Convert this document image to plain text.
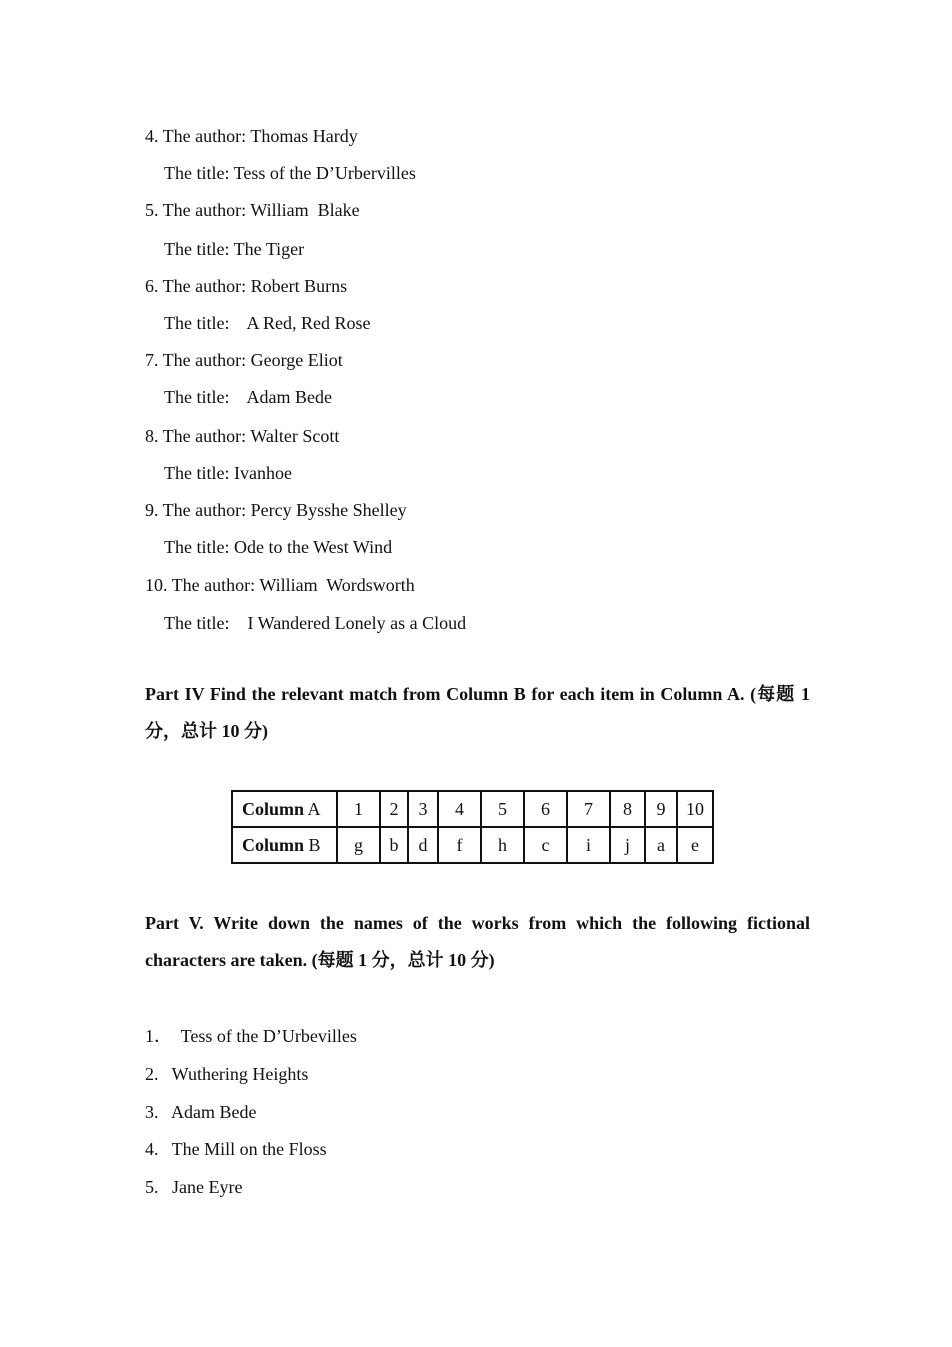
4. The author: Thomas Hardy
The title: Tess of the D’Urbervilles
5. The author: William  Blake
The title: The Tiger
6. The author: Robert Burns
The title:    A Red, Red Rose
7. The author: George Eliot
The title:    Adam Bede
8. The author: Walter Scott
The title: Ivanhoe
9. The author: Percy Bysshe Shelley
The title: Ode to the West Wind
10. The author: William  Wordsworth
The title:    I Wandered Lonely as a Cloud
Part IV Find the relevant match from Column B for each item in Column A. (每题 1 分，总计 10 分)
Column A	1	2	3	4	5	6	7	8	9	10
Column B	g	b	d	f	h	c	i	j	a	e
Part V. Write down the names of the works from which the following fictional characters are taken. (每题 1 分，总计 10 分)
1．  Tess of the D’Urbevilles
2.   Wuthering Heights
3.   Adam Bede
4.   The Mill on the Floss
5.   Jane Eyre
